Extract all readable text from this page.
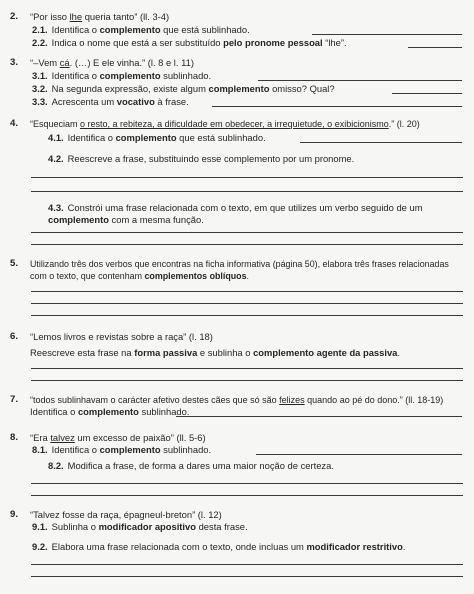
2. “Por isso lhe queria tanto” (ll. 3-4)
2.1. Identifica o complemento que está sublinhado.
2.2. Indica o nome que está a ser substituído pelo pronome pessoal “lhe”.
3. “–Vem cá. (…) E ele vinha.” (l. 8 e l. 11)
3.1. Identifica o complemento sublinhado.
3.2. Na segunda expressão, existe algum complemento omisso? Qual?
3.3. Acrescenta um vocativo à frase.
4. “Esqueciam o resto, a rebiteza, a dificuldade em obedecer, a irrequietude, o exibicionismo.” (l. 20)
4.1. Identifica o complemento que está sublinhado.
4.2. Reescreve a frase, substituindo esse complemento por um pronome.
4.3. Constrói uma frase relacionada com o texto, em que utilizes um verbo seguido de um
complemento com a mesma função.
5. Utilizando três dos verbos que encontras na ficha informativa (página 50), elabora três frases relacionadas
com o texto, que contenham complementos oblíquos.
6. “Lemos livros e revistas sobre a raça” (l. 18)
Reescreve esta frase na forma passiva e sublinha o complemento agente da passiva.
7. “todos sublinhavam o carácter afetivo destes cães que só são felizes quando ao pé do dono.” (ll. 18-19)
Identifica o complemento sublinhado.
8. “Era talvez um excesso de paixão” (ll. 5-6)
8.1. Identifica o complemento sublinhado.
8.2. Modifica a frase, de forma a dares uma maior noção de certeza.
9. “Talvez fosse da raça, épagneul-breton” (l. 12)
9.1. Sublinha o modificador apositivo desta frase.
9.2. Elabora uma frase relacionada com o texto, onde incluas um modificador restritivo.
